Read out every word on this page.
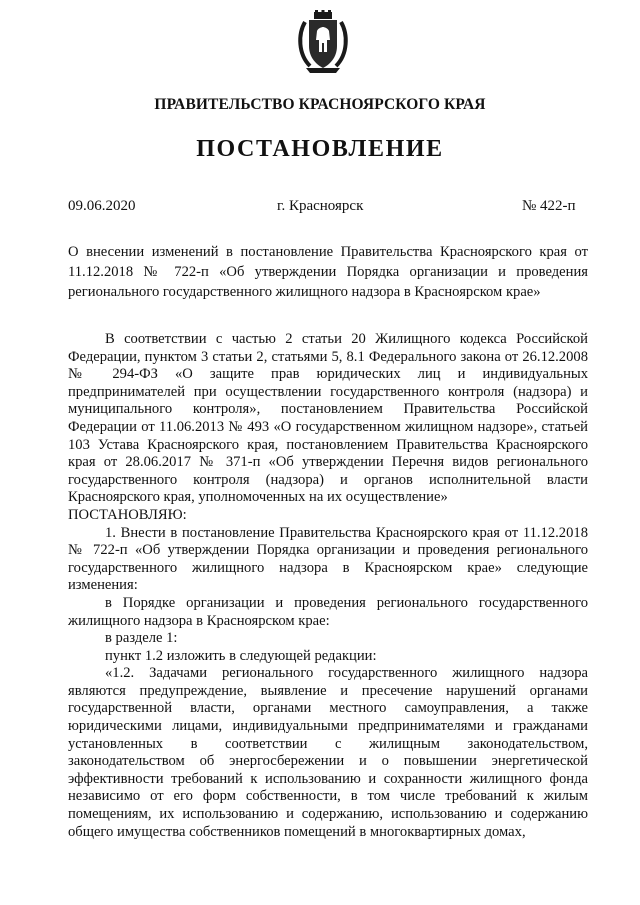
ПРАВИТЕЛЬСТВО КРАСНОЯРСКОГО КРАЯ
ПОСТАНОВЛЕНИЕ
09.06.2020	г. Красноярск	№ 422-п
О внесении изменений в постановление Правительства Красноярского края от 11.12.2018 № 722-п «Об утверждении Порядка организации и проведения регионального государственного жилищного надзора в Красноярском крае»

В соответствии с частью 2 статьи 20 Жилищного кодекса Российской Федерации, пунктом 3 статьи 2, статьями 5, 8.1 Федерального закона от 26.12.2008 № 294-ФЗ «О защите прав юридических лиц и индивидуальных предпринимателей при осуществлении государственного контроля (надзора) и муниципального контроля», постановлением Правительства Российской Федерации от 11.06.2013 № 493 «О государственном жилищном надзоре», статьей 103 Устава Красноярского края, постановлением Правительства Красноярского края от 28.06.2017 № 371-п «Об утверждении Перечня видов регионального государственного контроля (надзора) и органов исполнительной власти Красноярского края, уполномоченных на их осуществление»

ПОСТАНОВЛЯЮ:

1. Внести в постановление Правительства Красноярского края от 11.12.2018 № 722-п «Об утверждении Порядка организации и проведения регионального государственного жилищного надзора в Красноярском крае» следующие изменения:

в Порядке организации и проведения регионального государственного жилищного надзора в Красноярском крае:

в разделе 1:

пункт 1.2 изложить в следующей редакции:

«1.2. Задачами регионального государственного жилищного надзора являются предупреждение, выявление и пресечение нарушений органами государственной власти, органами местного самоуправления, а также юридическими лицами, индивидуальными предпринимателями и гражданами установленных в соответствии с жилищным законодательством, законодательством об энергосбережении и о повышении энергетической эффективности требований к использованию и сохранности жилищного фонда независимо от его форм собственности, в том числе требований к жилым помещениям, их использованию и содержанию, использованию и содержанию общего имущества собственников помещений в многоквартирных домах,
